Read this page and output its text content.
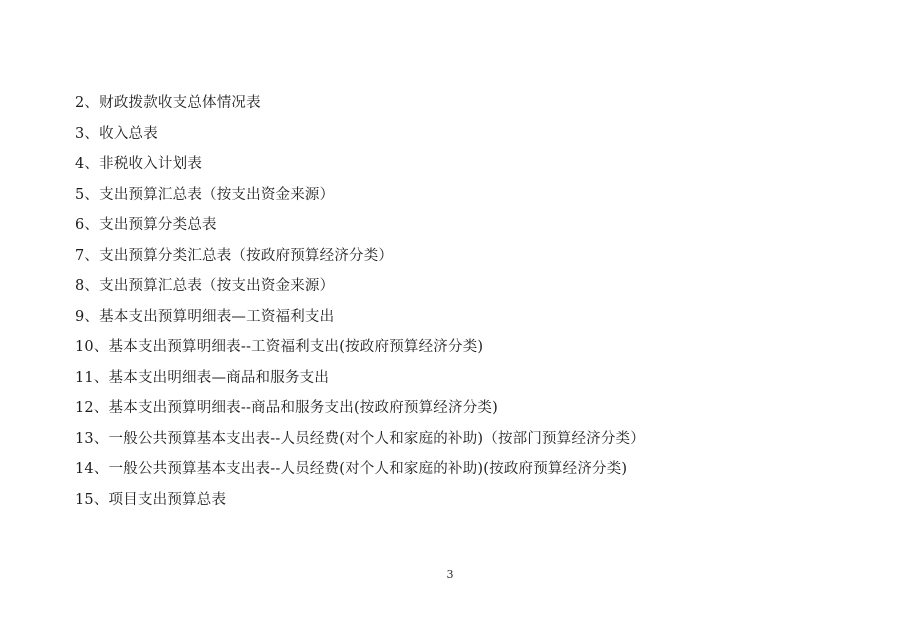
2、财政拨款收支总体情况表

3、收入总表

4、非税收入计划表

5、支出预算汇总表（按支出资金来源）

6、支出预算分类总表

7、支出预算分类汇总表（按政府预算经济分类）

8、支出预算汇总表（按支出资金来源）

9、基本支出预算明细表—工资福利支出

10、基本支出预算明细表--工资福利支出(按政府预算经济分类)

11、基本支出明细表—商品和服务支出

12、基本支出预算明细表--商品和服务支出(按政府预算经济分类)

13、一般公共预算基本支出表--人员经费(对个人和家庭的补助)（按部门预算经济分类）

14、一般公共预算基本支出表--人员经费(对个人和家庭的补助)(按政府预算经济分类)

15、项目支出预算总表

3
